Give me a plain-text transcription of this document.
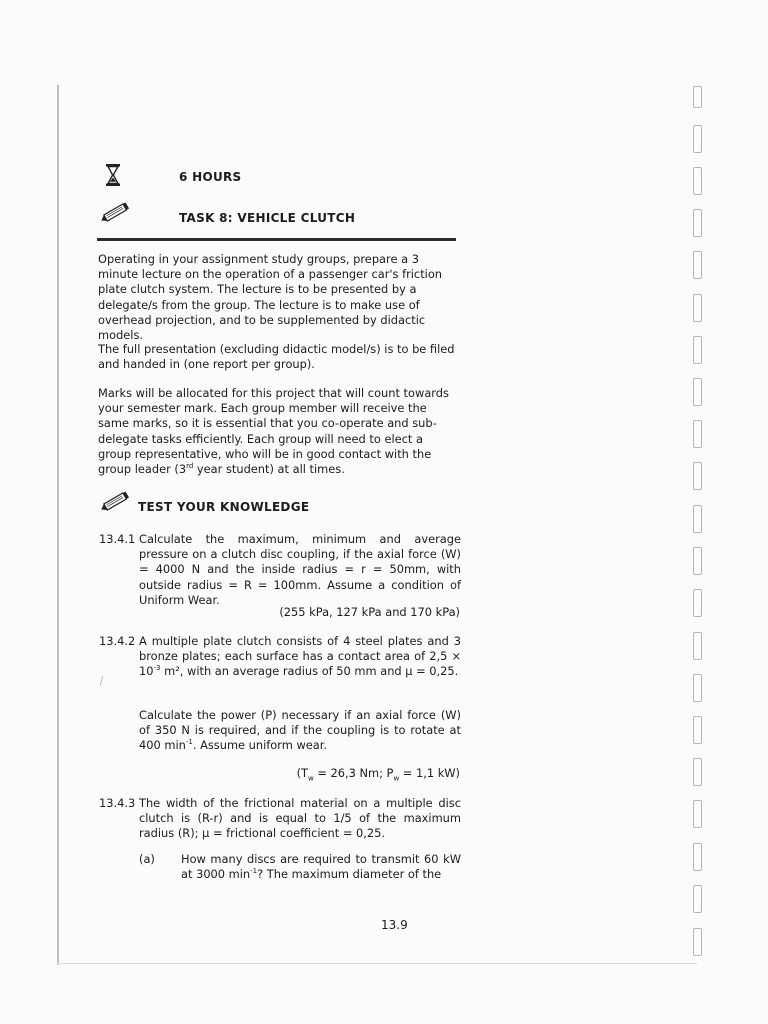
6 HOURS
TASK 8: VEHICLE CLUTCH

Operating in your assignment study groups, prepare a 3 minute lecture on the operation of a passenger car's friction plate clutch system. The lecture is to be presented by a delegate/s from the group. The lecture is to make use of overhead projection, and to be supplemented by didactic models.

The full presentation (excluding didactic model/s) is to be filed and handed in (one report per group).

Marks will be allocated for this project that will count towards your semester mark. Each group member will receive the same marks, so it is essential that you co-operate and sub-delegate tasks efficiently. Each group will need to elect a group representative, who will be in good contact with the group leader (3rd year student) at all times.

TEST YOUR KNOWLEDGE
13.4.1 Calculate the maximum, minimum and average pressure on a clutch disc coupling, if the axial force (W) = 4000 N and the inside radius = r = 50mm, with outside radius = R = 100mm. Assume a condition of Uniform Wear.

(255 kPa, 127 kPa and 170 kPa)
13.4.2 A multiple plate clutch consists of 4 steel plates and 3 bronze plates; each surface has a contact area of $2,5 \times 10^{-3}$ m², with an average radius of 50 mm and μ = 0,25.

Calculate the power (P) necessary if an axial force (W) of 350 N is required, and if the coupling is to rotate at 400 $\min^{-1}$. Assume uniform wear.

($T_w = 26,3$ Nm; $P_w = 1,1$ kW)
13.4.3 The width of the frictional material on a multiple disc clutch is (R-r) and is equal to 1/5 of the maximum radius (R); μ = frictional coefficient = 0,25.

(a) How many discs are required to transmit 60 kW at 3000 $\min^{-1}$? The maximum diameter of the

13.9
